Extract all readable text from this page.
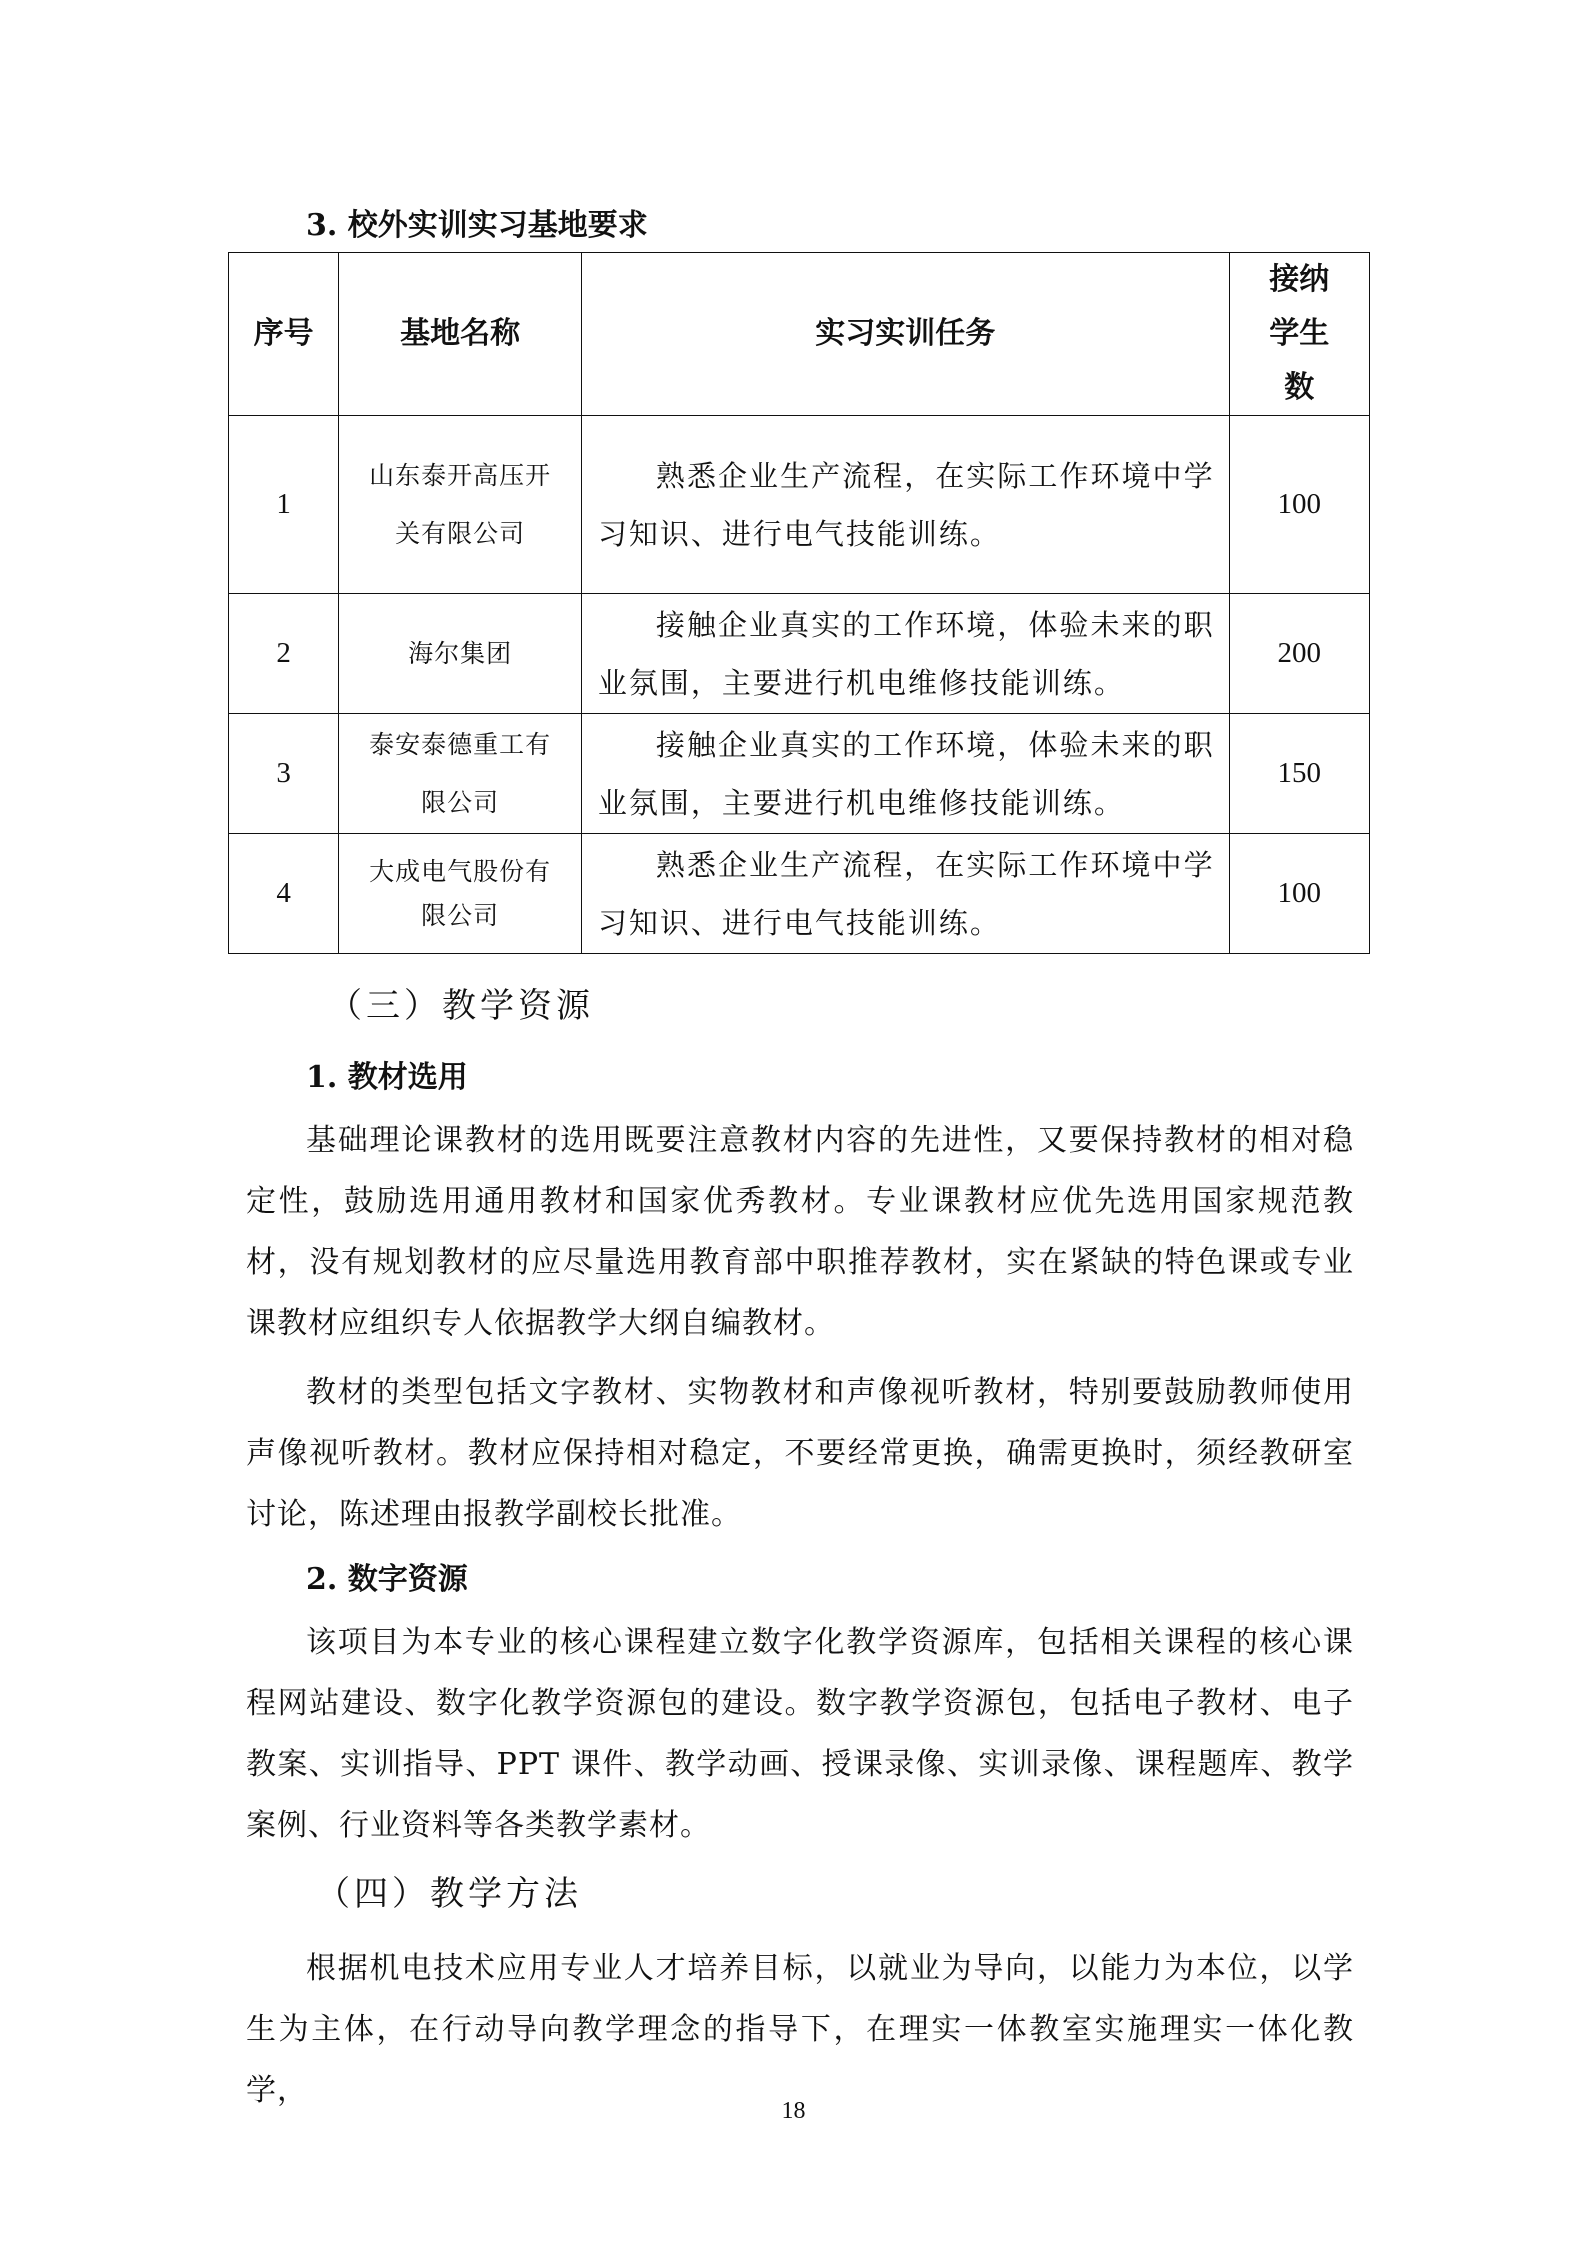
3. 校外实训实习基地要求
序号	基地名称	实习实训任务	接纳学生数

1	山东泰开高压开关有限公司	熟悉企业生产流程，在实际工作环境中学习知识、进行电气技能训练。	100
2	海尔集团	接触企业真实的工作环境，体验未来的职业氛围，主要进行机电维修技能训练。	200
3	泰安泰德重工有限公司	接触企业真实的工作环境，体验未来的职业氛围，主要进行机电维修技能训练。	150
4	大成电气股份有限公司	熟悉企业生产流程，在实际工作环境中学习知识、进行电气技能训练。	100
（三）教学资源
1. 教材选用
基础理论课教材的选用既要注意教材内容的先进性，又要保持教材的相对稳定性，鼓励选用通用教材和国家优秀教材。专业课教材应优先选用国家规范教材，没有规划教材的应尽量选用教育部中职推荐教材，实在紧缺的特色课或专业课教材应组织专人依据教学大纲自编教材。
教材的类型包括文字教材、实物教材和声像视听教材，特别要鼓励教师使用声像视听教材。教材应保持相对稳定，不要经常更换，确需更换时，须经教研室讨论，陈述理由报教学副校长批准。
2. 数字资源
该项目为本专业的核心课程建立数字化教学资源库，包括相关课程的核心课程网站建设、数字化教学资源包的建设。数字教学资源包，包括电子教材、电子教案、实训指导、PPT 课件、教学动画、授课录像、实训录像、课程题库、教学案例、行业资料等各类教学素材。
（四）教学方法
根据机电技术应用专业人才培养目标，以就业为导向，以能力为本位，以学生为主体，在行动导向教学理念的指导下，在理实一体教室实施理实一体化教学，
18
